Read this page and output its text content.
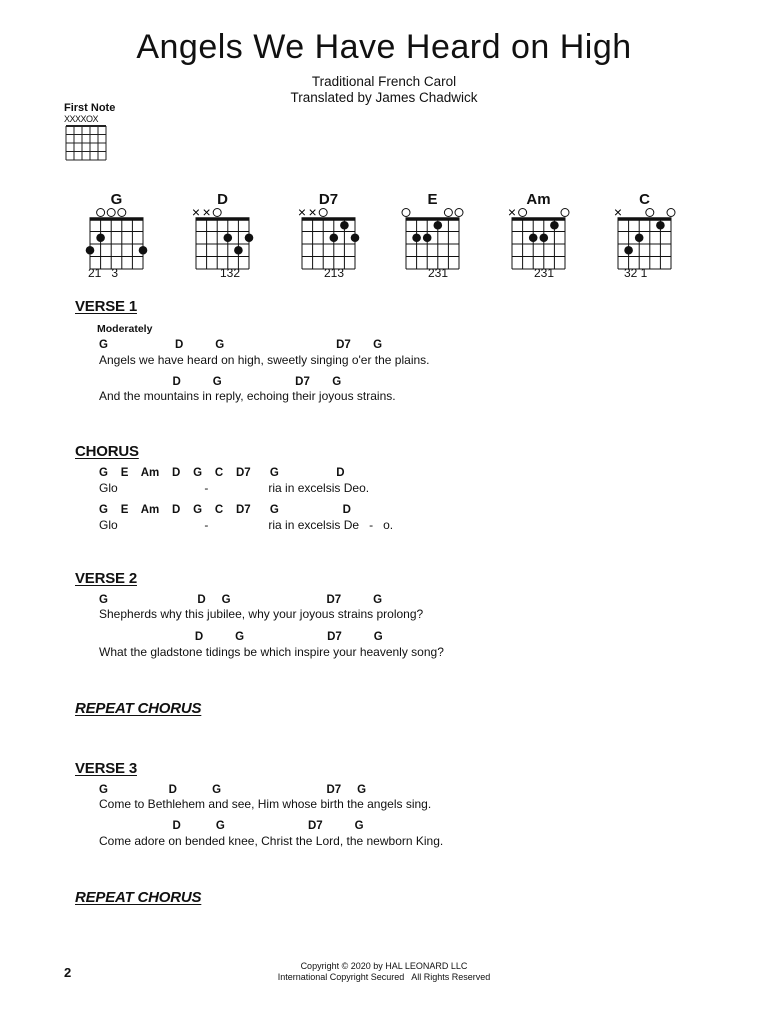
Angels We Have Heard on High
Traditional French Carol
Translated by James Chadwick
First Note
XXXXOX
G
21   3
D
× ×
132
D7
× ×
213
E
231
Am
×
231
C
×
32 1
VERSE 1
Moderately
G                     D          G                                   D7       G
Angels we have heard on high, sweetly singing o'er the plains.
D          G                       D7       G
And the mountains in reply, echoing their joyous strains.
CHORUS
G    E    Am    D    G    C    D7      G                  D
Glo                          -                  ria in excelsis Deo.
G    E    Am    D    G    C    D7      G                    D
Glo                          -                  ria in excelsis De   -   o.
VERSE 2
G                            D     G                              D7          G
Shepherds why this jubilee, why your joyous strains prolong?
D          G                          D7          G
What the gladstone tidings be which inspire your heavenly song?
REPEAT CHORUS
VERSE 3
G                   D           G                                 D7     G
Come to Bethlehem and see, Him whose birth the angels sing.
D           G                          D7          G
Come adore on bended knee, Christ the Lord, the newborn King.
REPEAT CHORUS
2	Copyright © 2020 by HAL LEONARD LLC
International Copyright Secured   All Rights Reserved
